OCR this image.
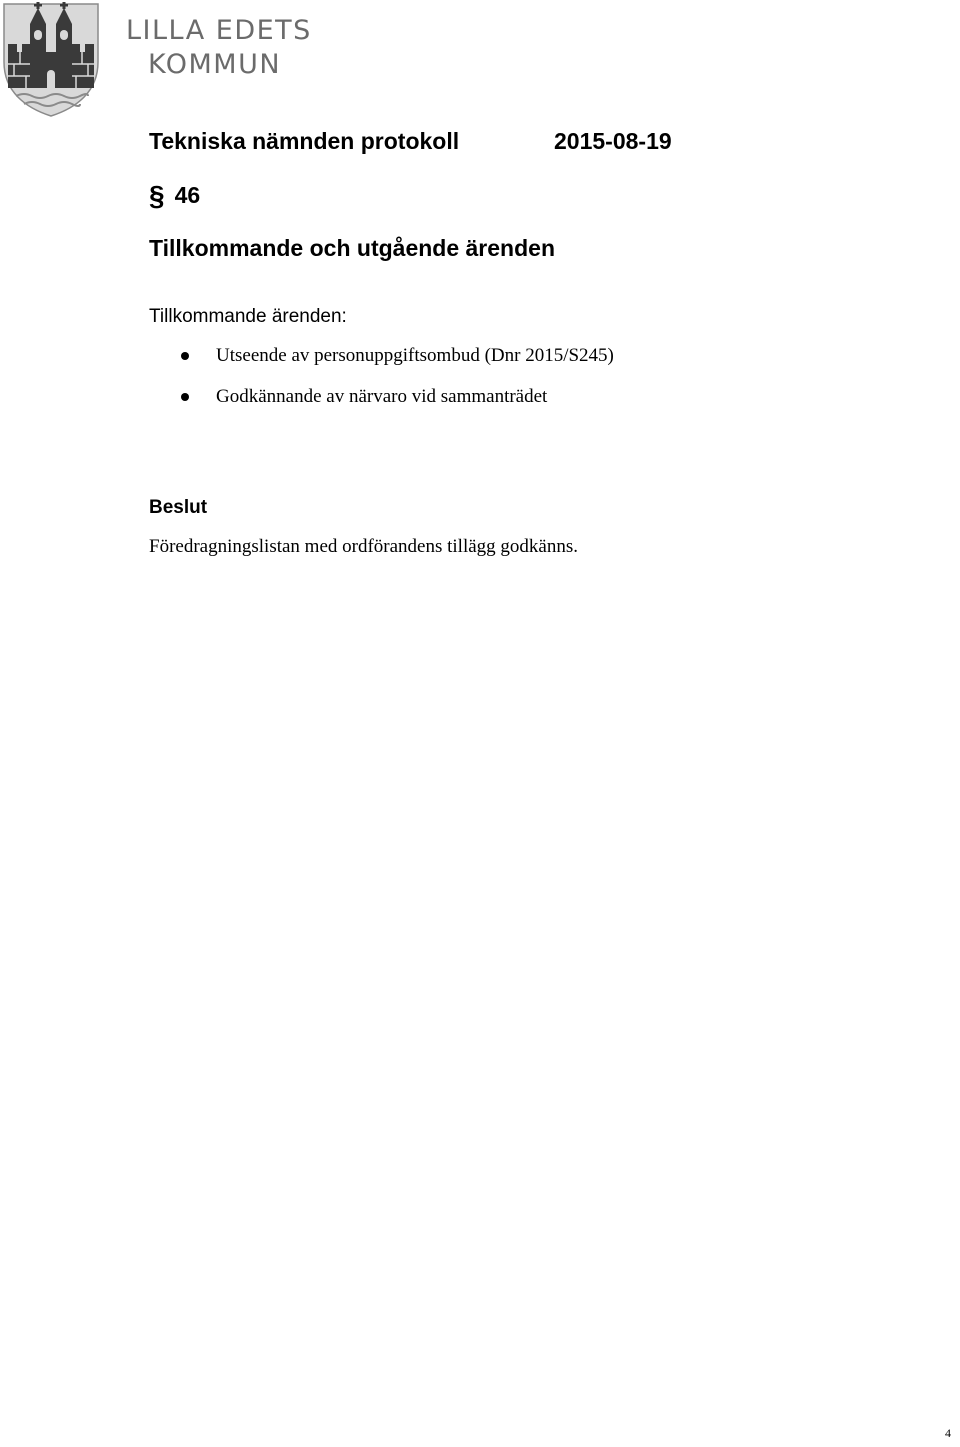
LILLA EDETS
KOMMUN
Tekniska nämnden protokoll	2015-08-19
§ 46
Tillkommande och utgående ärenden
Tillkommande ärenden:
Utseende av personuppgiftsombud (Dnr 2015/S245)
Godkännande av närvaro vid sammanträdet
Beslut
Föredragningslistan med ordförandens tillägg godkänns.
4
